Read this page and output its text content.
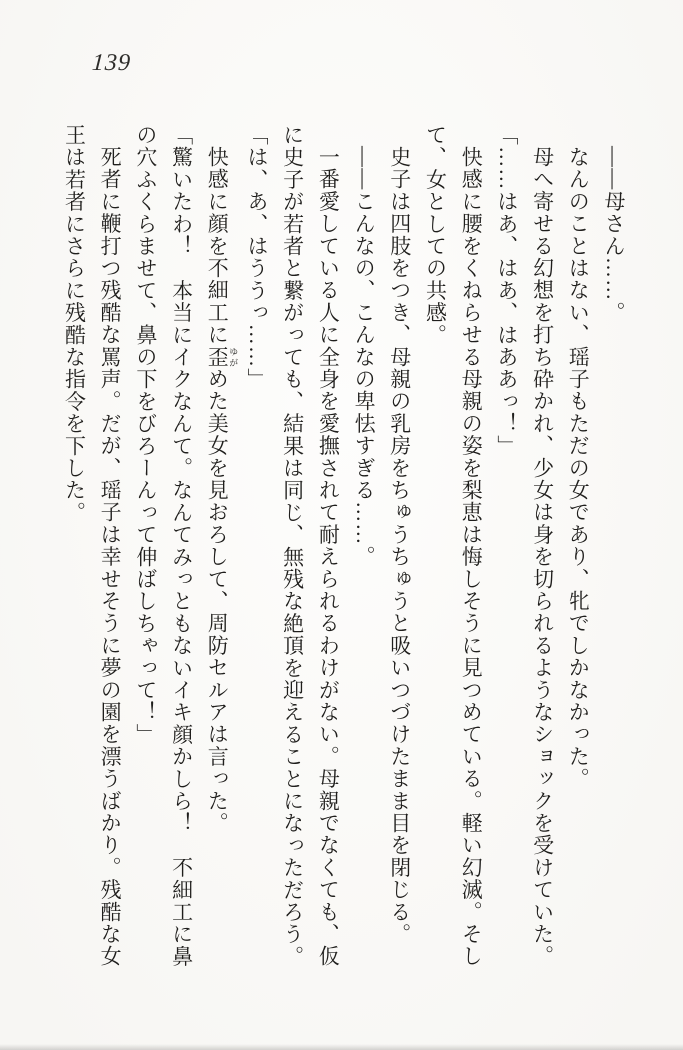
139

――母さん……。

なんのことはない、瑶子もただの女であり、牝でしかなかった。

母へ寄せる幻想を打ち砕かれ、少女は身を切られるようなショックを受けていた。

「……はあ、はあ、はああっ！」

快感に腰をくねらせる母親の姿を梨恵は悔しそうに見つめている。軽い幻滅。そして、女としての共感。

史子は四肢をつき、母親の乳房をちゅうちゅうと吸いつづけたまま目を閉じる。

――こんなの、こんなの卑怯すぎる……。

一番愛している人に全身を愛撫されて耐えられるわけがない。母親でなくても、仮に史子が若者と繋がっても、結果は同じ、無残な絶頂を迎えることになっただろう。

「は、あ、はううっ……」

快感に顔を不細工に歪 ゆがめた美女を見おろして、周防セルアは言った。

「驚いたわ！　本当にイクなんて。なんてみっともないイキ顔かしら！　不細工に鼻の穴ふくらませて、鼻の下をびろーんって伸ばしちゃって！」

死者に鞭打つ残酷な罵声。だが、瑶子は幸せそうに夢の園を漂うばかり。残酷な女王は若者にさらに残酷な指令を下した。
